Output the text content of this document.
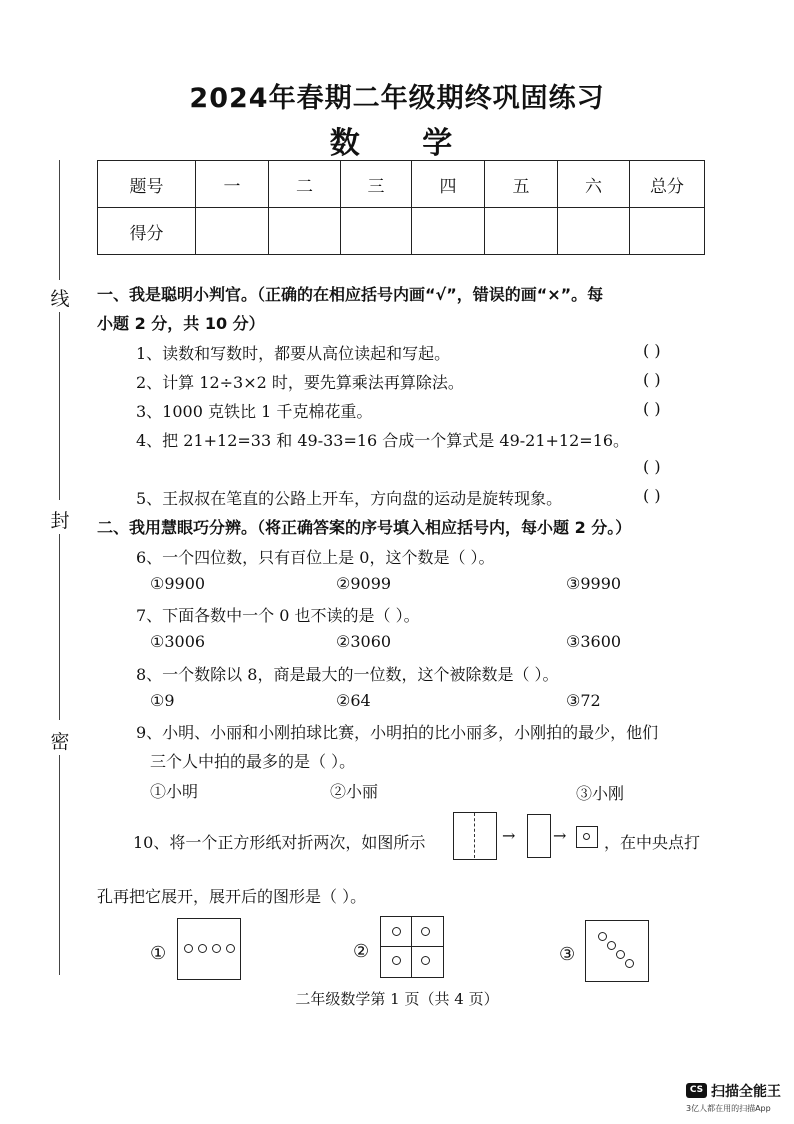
2024年春期二年级期终巩固练习
数 学
题号	一	二	三	四	五	六	总分
得分							
线
封
密
一、我是聪明小判官。（正确的在相应括号内画“√”，错误的画“×”。每
小题 2 分，共 10 分）
1、读数和写数时，都要从高位读起和写起。	( )
2、计算 12÷3×2 时，要先算乘法再算除法。	( )
3、1000 克铁比 1 千克棉花重。	( )
4、把 21+12=33 和 49-33=16 合成一个算式是 49-21+12=16。
( )
5、王叔叔在笔直的公路上开车，方向盘的运动是旋转现象。	( )
二、我用慧眼巧分辨。（将正确答案的序号填入相应括号内，每小题 2 分。）
6、一个四位数，只有百位上是 0，这个数是（ ）。
①9900	②9099	③9990
7、下面各数中一个 0 也不读的是（ ）。
①3006	②3060	③3600
8、一个数除以 8，商是最大的一位数，这个被除数是（ ）。
①9	②64	③72
9、小明、小丽和小刚拍球比赛，小明拍的比小丽多，小刚拍的最少，他们
三个人中拍的最多的是（ ）。
①小明	②小丽	③小刚
10、将一个正方形纸对折两次，如图所示	→ → ，在中央点打
孔再把它展开，展开后的图形是（ ）。
①	②	③
二年级数学第 1 页（共 4 页）
CS 扫描全能王
3亿人都在用的扫描App
